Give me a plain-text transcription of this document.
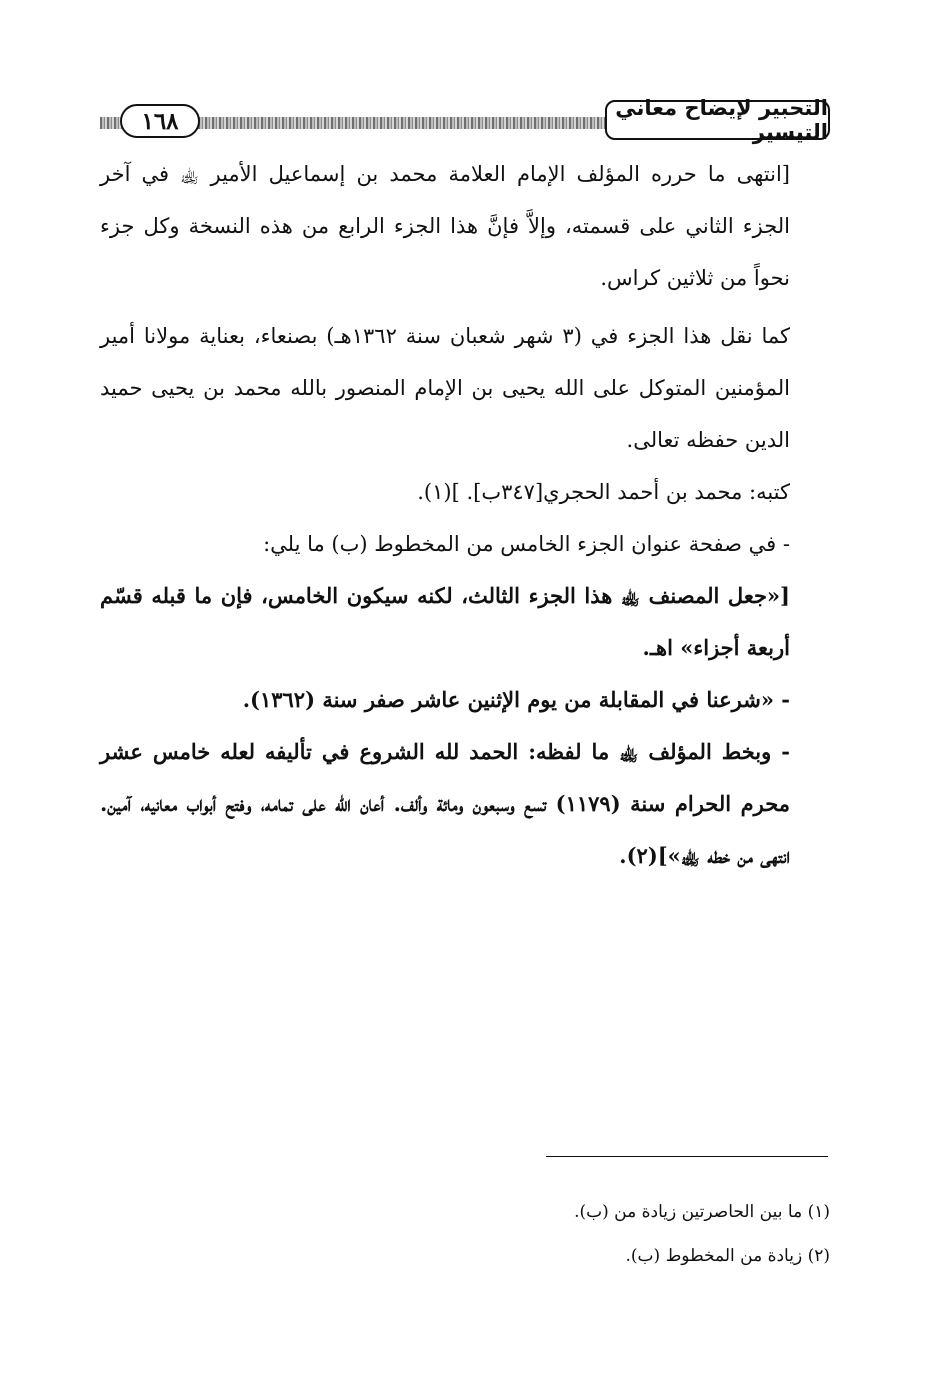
١٦٨	التحبير لإيضاح معاني التيسير

[انتهى ما حرره المؤلف الإمام العلامة محمد بن إسماعيل الأمير ﵀ في آخر الجزء الثاني على قسمته، وإلاَّ فإنَّ هذا الجزء الرابع من هذه النسخة وكل جزء نحواً من ثلاثين كراس.

كما نقل هذا الجزء في (٣ شهر شعبان سنة ١٣٦٢هـ) بصنعاء، بعناية مولانا أمير المؤمنين المتوكل على الله يحيى بن الإمام المنصور بالله محمد بن يحيى حميد الدين حفظه تعالى.

كتبه: محمد بن أحمد الحجري[٣٤٧ب]. ](١).

- في صفحة عنوان الجزء الخامس من المخطوط (ب) ما يلي:

[«جعل المصنف ﵀ هذا الجزء الثالث، لكنه سيكون الخامس، فإن ما قبله قسّم أربعة أجزاء» اهـ.

- «شرعنا في المقابلة من يوم الإثنين عاشر صفر سنة (١٣٦٢).

- وبخط المؤلف ﵀ ما لفظه: الحمد لله الشروع في تأليفه لعله خامس عشر محرم الحرام سنة (١١٧٩) تسع وسبعون ومائة وألف. أعان الله على تمامه، وفتح أبواب معانيه، آمين. انتهى من خطه ﵀»](٢).

(١) ما بين الحاصرتين زيادة من (ب).

(٢) زيادة من المخطوط (ب).
